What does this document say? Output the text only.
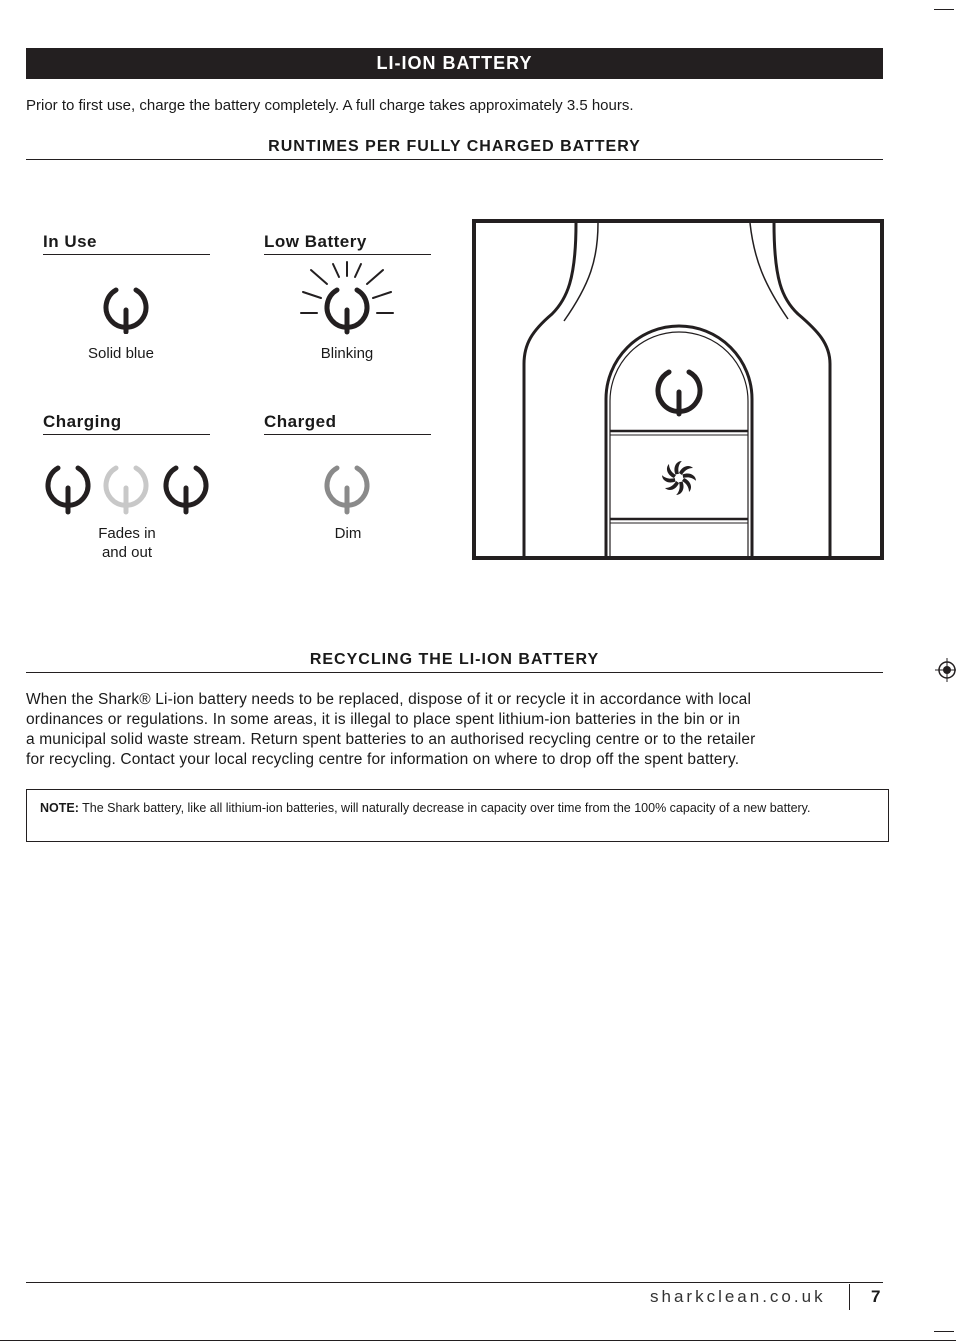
LI-ION BATTERY
Prior to first use, charge the battery completely. A full charge takes approximately 3.5 hours.
RUNTIMES PER FULLY CHARGED BATTERY
In Use
Solid blue
Low Battery
Blinking
Charging
Fades in
and out
Charged
Dim
RECYCLING THE LI-ION BATTERY
When the Shark® Li-ion battery needs to be replaced, dispose of it or recycle it in accordance with local
ordinances or regulations. In some areas, it is illegal to place spent lithium-ion batteries in the bin or in
a municipal solid waste stream. Return spent batteries to an authorised recycling centre or to the retailer
for recycling. Contact your local recycling centre for information on where to drop off the spent battery.
NOTE: The Shark battery, like all lithium-ion batteries, will naturally decrease in capacity over time from the 100% capacity of a new battery.
sharkclean.co.uk	7
